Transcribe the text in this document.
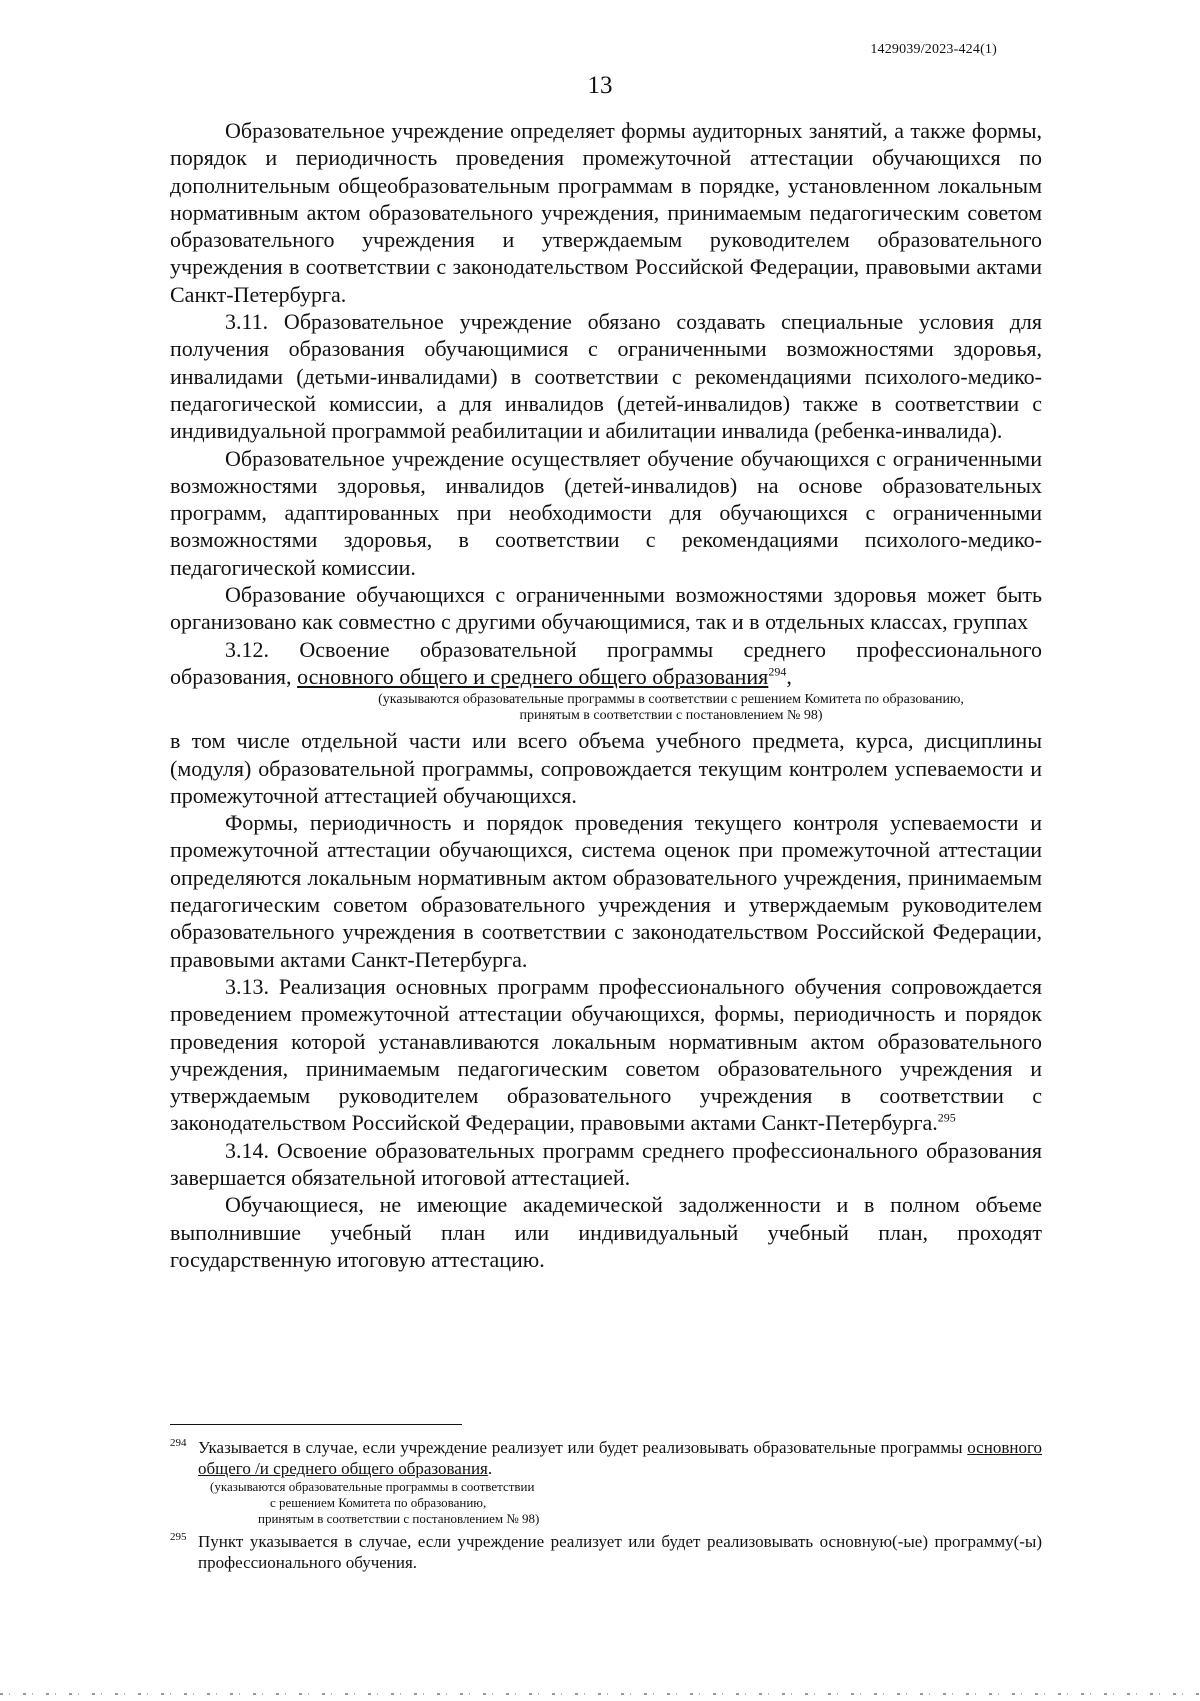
1429039/2023-424(1)
13

Образовательное учреждение определяет формы аудиторных занятий, а также формы, порядок и периодичность проведения промежуточной аттестации обучающихся по дополнительным общеобразовательным программам в порядке, установленном локальным нормативным актом образовательного учреждения, принимаемым педагогическим советом образовательного учреждения и утверждаемым руководителем образовательного учреждения в соответствии с законодательством Российской Федерации, правовыми актами Санкт-Петербурга.

3.11. Образовательное учреждение обязано создавать специальные условия для получения образования обучающимися с ограниченными возможностями здоровья, инвалидами (детьми-инвалидами) в соответствии с рекомендациями психолого-медико-педагогической комиссии, а для инвалидов (детей-инвалидов) также в соответствии с индивидуальной программой реабилитации и абилитации инвалида (ребенка-инвалида).

Образовательное учреждение осуществляет обучение обучающихся с ограниченными возможностями здоровья, инвалидов (детей-инвалидов) на основе образовательных программ, адаптированных при необходимости для обучающихся с ограниченными возможностями здоровья, в соответствии с рекомендациями психолого-медико-педагогической комиссии.

Образование обучающихся с ограниченными возможностями здоровья может быть организовано как совместно с другими обучающимися, так и в отдельных классах, группах

3.12. Освоение образовательной программы среднего профессионального образования, основного общего и среднего общего образования$^{294}$,

(указываются образовательные программы в соответствии с решением Комитета по образованию,
принятым в соответствии с постановлением № 98)

в том числе отдельной части или всего объема учебного предмета, курса, дисциплины (модуля) образовательной программы, сопровождается текущим контролем успеваемости и промежуточной аттестацией обучающихся.

Формы, периодичность и порядок проведения текущего контроля успеваемости и промежуточной аттестации обучающихся, система оценок при промежуточной аттестации определяются локальным нормативным актом образовательного учреждения, принимаемым педагогическим советом образовательного учреждения и утверждаемым руководителем образовательного учреждения в соответствии с законодательством Российской Федерации, правовыми актами Санкт-Петербурга.

3.13. Реализация основных программ профессионального обучения сопровождается проведением промежуточной аттестации обучающихся, формы, периодичность и порядок проведения которой устанавливаются локальным нормативным актом образовательного учреждения, принимаемым педагогическим советом образовательного учреждения и утверждаемым руководителем образовательного учреждения в соответствии с законодательством Российской Федерации, правовыми актами Санкт-Петербурга.$^{295}$

3.14. Освоение образовательных программ среднего профессионального образования завершается обязательной итоговой аттестацией.

Обучающиеся, не имеющие академической задолженности и в полном объеме выполнившие учебный план или индивидуальный учебный план, проходят государственную итоговую аттестацию.

294 Указывается в случае, если учреждение реализует или будет реализовывать образовательные программы основного общего /и среднего общего образования.
(указываются образовательные программы в соответствии
с решением Комитета по образованию,
принятым в соответствии с постановлением № 98)
295 Пункт указывается в случае, если учреждение реализует или будет реализовывать основную(-ые) программу(-ы) профессионального обучения.
